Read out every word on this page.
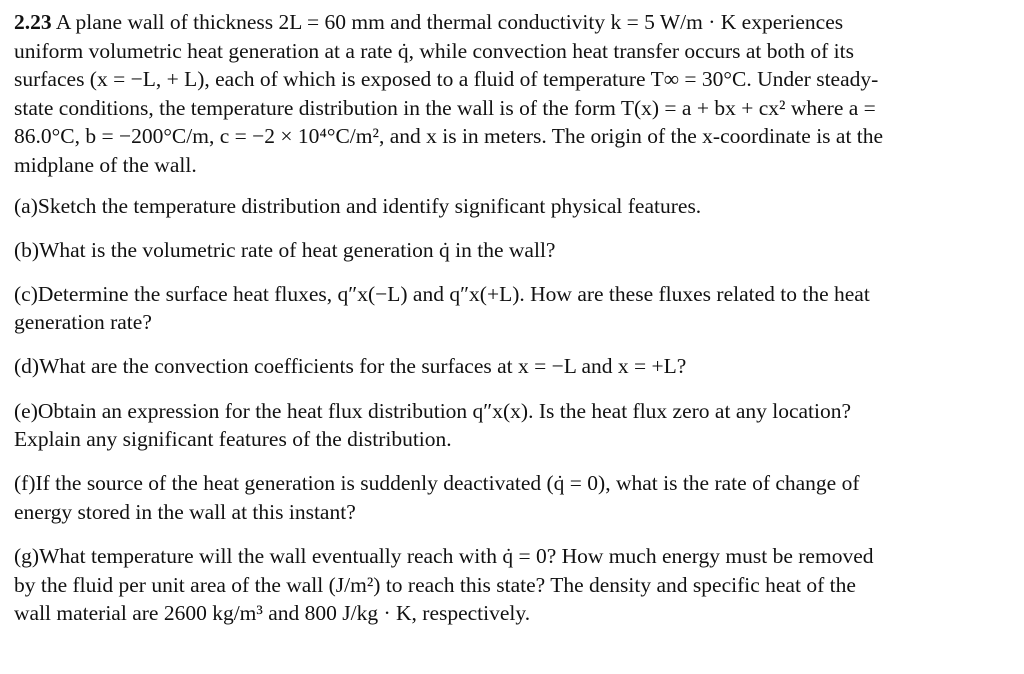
2.23 A plane wall of thickness 2L = 60 mm and thermal conductivity k = 5 W/m · K experiences
uniform volumetric heat generation at a rate q̇, while convection heat transfer occurs at both of its
surfaces (x = −L, + L), each of which is exposed to a fluid of temperature T∞ = 30°C. Under steady-
state conditions, the temperature distribution in the wall is of the form T(x) = a + bx + cx² where a =
86.0°C, b = −200°C/m, c = −2 × 10⁴°C/m², and x is in meters. The origin of the x-coordinate is at the
midplane of the wall.

(a)Sketch the temperature distribution and identify significant physical features.

(b)What is the volumetric rate of heat generation q̇ in the wall?

(c)Determine the surface heat fluxes, q″x(−L) and q″x(+L). How are these fluxes related to the heat
generation rate?

(d)What are the convection coefficients for the surfaces at x = −L and x = +L?

(e)Obtain an expression for the heat flux distribution q″x(x). Is the heat flux zero at any location?
Explain any significant features of the distribution.

(f)If the source of the heat generation is suddenly deactivated (q̇ = 0), what is the rate of change of
energy stored in the wall at this instant?

(g)What temperature will the wall eventually reach with q̇ = 0? How much energy must be removed
by the fluid per unit area of the wall (J/m²) to reach this state? The density and specific heat of the
wall material are 2600 kg/m³ and 800 J/kg · K, respectively.
